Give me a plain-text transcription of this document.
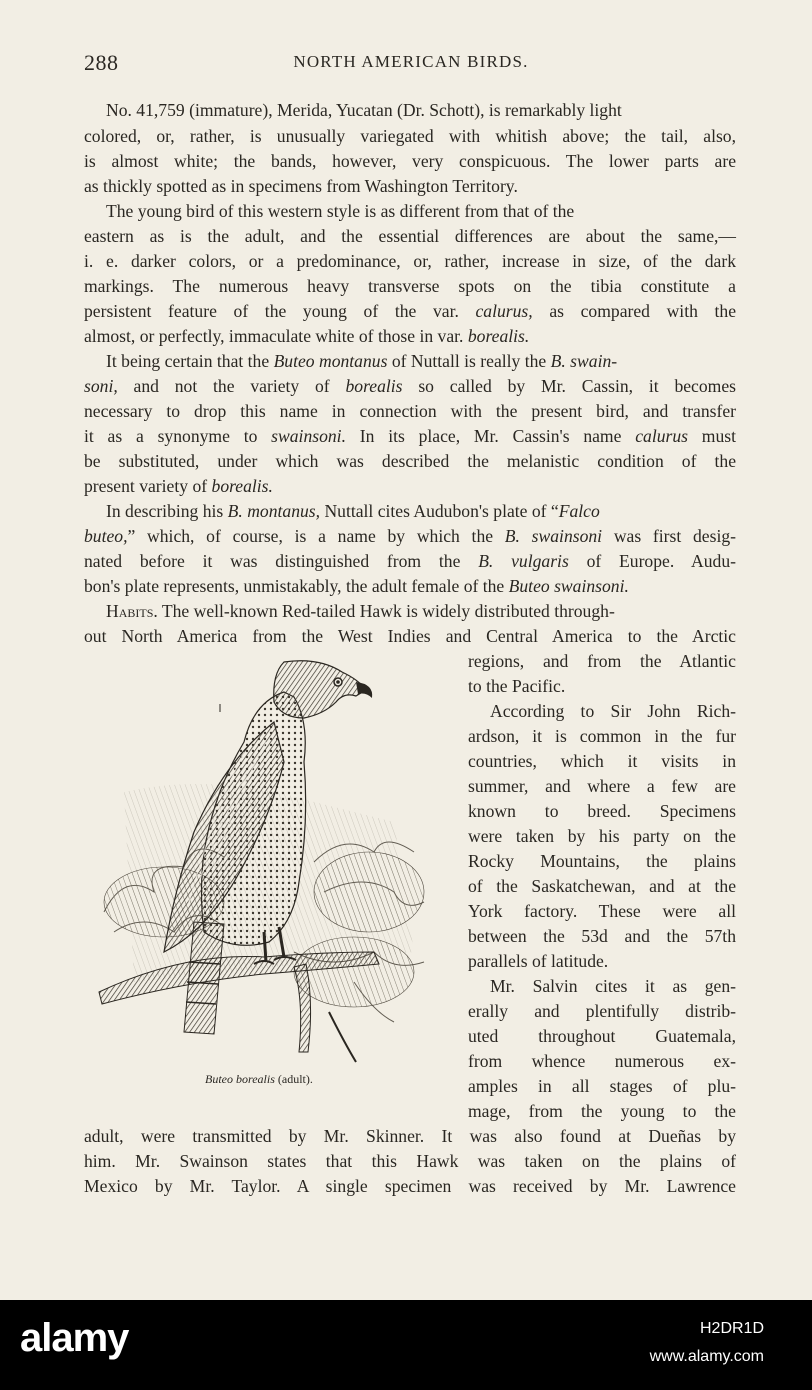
288	NORTH AMERICAN BIRDS.
No. 41,759 (immature), Merida, Yucatan (Dr. Schott), is remarkably light
colored, or, rather, is unusually variegated with whitish above; the tail, also,
is almost white; the bands, however, very conspicuous. The lower parts are
as thickly spotted as in specimens from Washington Territory.
The young bird of this western style is as different from that of the
eastern as is the adult, and the essential differences are about the same,—
i. e. darker colors, or a predominance, or, rather, increase in size, of the dark
markings. The numerous heavy transverse spots on the tibia constitute a
persistent feature of the young of the var. calurus, as compared with the
almost, or perfectly, immaculate white of those in var. borealis.
It being certain that the Buteo montanus of Nuttall is really the B. swain-
soni, and not the variety of borealis so called by Mr. Cassin, it becomes
necessary to drop this name in connection with the present bird, and transfer
it as a synonyme to swainsoni. In its place, Mr. Cassin's name calurus must
be substituted, under which was described the melanistic condition of the
present variety of borealis.
In describing his B. montanus, Nuttall cites Audubon's plate of “Falco
buteo,” which, of course, is a name by which the B. swainsoni was first desig-
nated before it was distinguished from the B. vulgaris of Europe. Audu-
bon's plate represents, unmistakably, the adult female of the Buteo swainsoni.
Habits. The well-known Red-tailed Hawk is widely distributed through-
out North America from the West Indies and Central America to the Arctic
regions, and from the Atlantic
to the Pacific.
According to Sir John Rich-
ardson, it is common in the fur
countries, which it visits in
summer, and where a few are
known to breed. Specimens
were taken by his party on the
Rocky Mountains, the plains
of the Saskatchewan, and at the
York factory. These were all
between the 53d and the 57th
parallels of latitude.
Mr. Salvin cites it as gen-
erally and plentifully distrib-
uted throughout Guatemala,
from whence numerous ex-
amples in all stages of plu-
mage, from the young to the
adult, were transmitted by Mr. Skinner. It was also found at Dueñas by
him. Mr. Swainson states that this Hawk was taken on the plains of
Mexico by Mr. Taylor. A single specimen was received by Mr. Lawrence
Buteo borealis (adult).
alamy	H2DR1D
www.alamy.com
